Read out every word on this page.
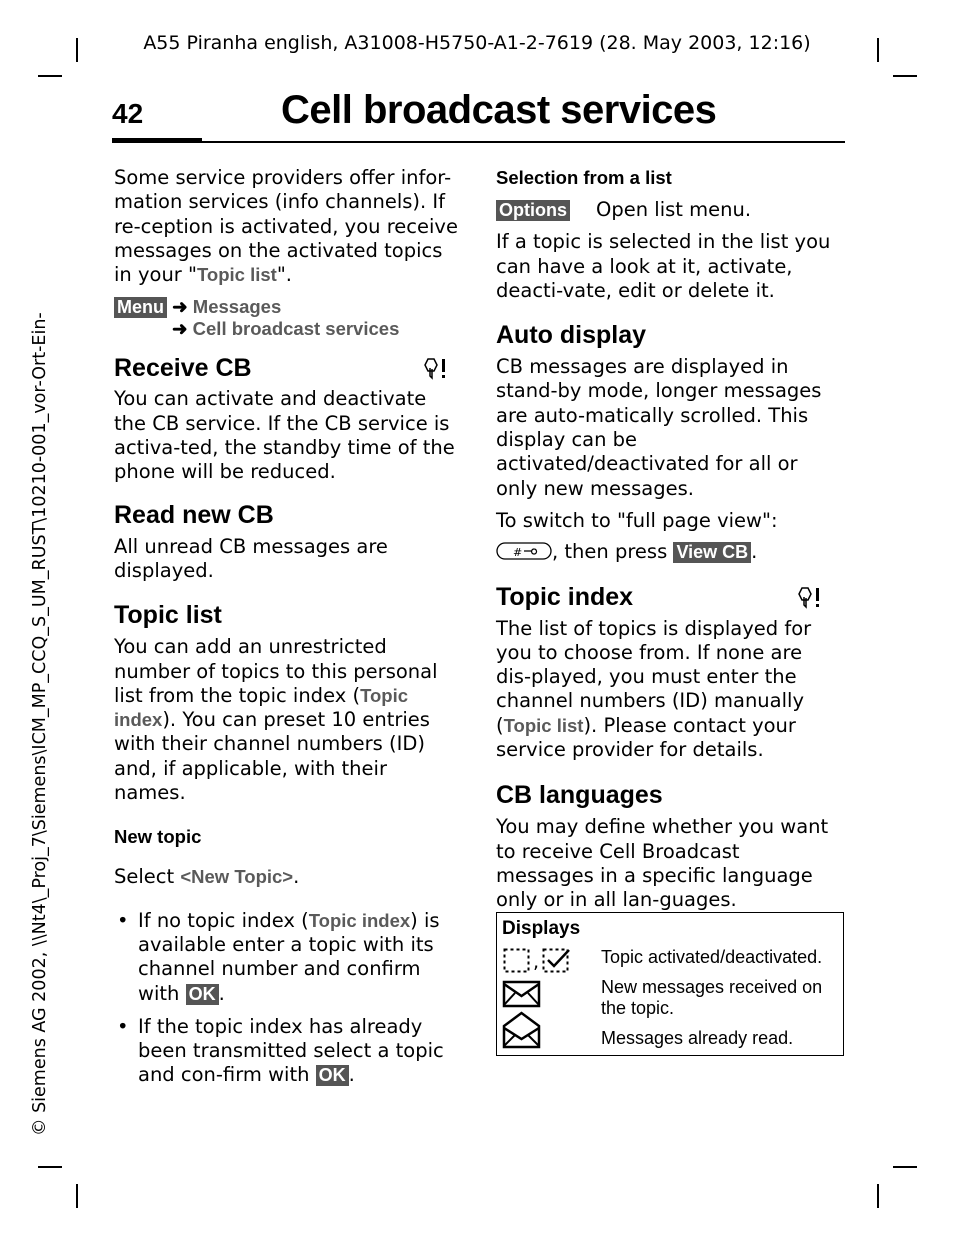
A55 Piranha english, A31008-H5750-A1-2-7619 (28. May 2003, 12:16)
42	Cell broadcast services
© Siemens AG 2002, \\Nt4\_Proj_7\Siemens\ICM_MP_CCQ_S_UM_RUST\10210-001_vor-Ort-Ein-

Some service providers offer infor-mation services (info channels). If re-ception is activated, you receive messages on the activated topics in your "Topic list".

Menu ➜ Messages
➜ Cell broadcast services
Receive CB

You can activate and deactivate the CB service. If the CB service is activa-ted, the standby time of the phone will be reduced.

Read new CB

All unread CB messages are displayed.

Topic list

You can add an unrestricted number of topics to this personal list from the topic index (Topic index). You can preset 10 entries with their channel numbers (ID) and, if applicable, with their names.

New topic

Select <New Topic>.

• If no topic index (Topic index) is available enter a topic with its channel number and confirm with OK .
• If the topic index has already been transmitted select a topic and con-firm with OK .
Selection from a list

Options Open list menu.

If a topic is selected in the list you can have a look at it, activate, deacti-vate, edit or delete it.

Auto display

CB messages are displayed in stand-by mode, longer messages are auto-matically scrolled. This display can be activated/deactivated for all or only new messages.

To switch to "full page view":

# , then press View CB .

Topic index

The list of topics is displayed for you to choose from. If none are dis-played, you must enter the channel numbers (ID) manually (Topic list). Please contact your service provider for details.

CB languages

You may define whether you want to receive Cell Broadcast messages in a specific language only or in all lan-guages.

Displays
,	Topic activated/deactivated.
New messages received on the topic.
Messages already read.
